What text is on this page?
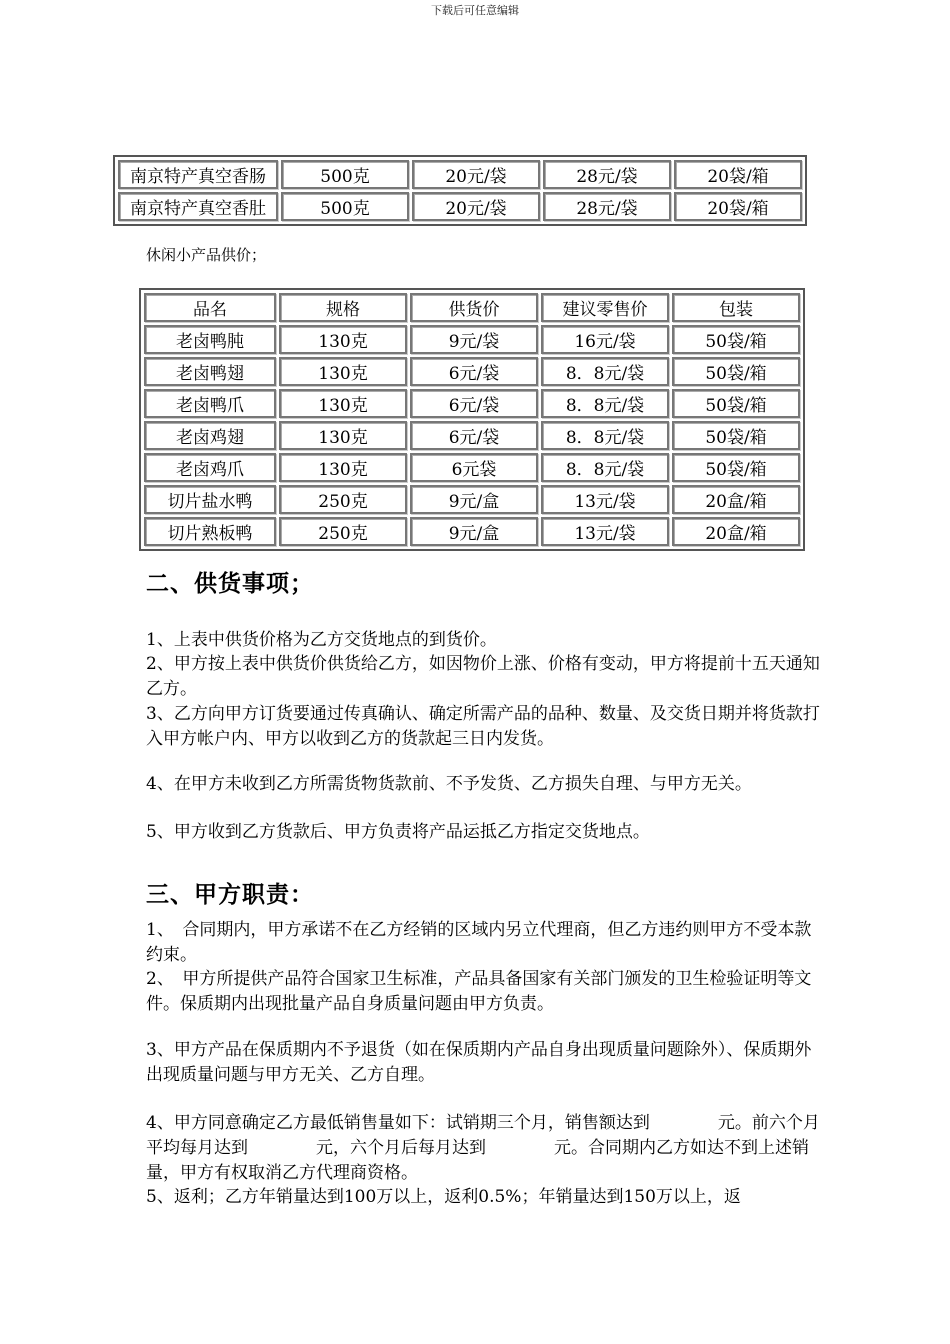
下载后可任意编辑
南京特产真空香肠	500克	20元/袋	28元/袋	20袋/箱
南京特产真空香肚	500克	20元/袋	28元/袋	20袋/箱
休闲小产品供价；
品名	规格	供货价	建议零售价	包装
老卤鸭肫	130克	9元/袋	16元/袋	50袋/箱
老卤鸭翅	130克	6元/袋	8．8元/袋	50袋/箱
老卤鸭爪	130克	6元/袋	8．8元/袋	50袋/箱
老卤鸡翅	130克	6元/袋	8．8元/袋	50袋/箱
老卤鸡爪	130克	6元袋	8．8元/袋	50袋/箱
切片盐水鸭	250克	9元/盒	13元/袋	20盒/箱
切片熟板鸭	250克	9元/盒	13元/袋	20盒/箱
二、供货事项；

1、上表中供货价格为乙方交货地点的到货价。

2、甲方按上表中供货价供货给乙方，如因物价上涨、价格有变动，甲方将提前十五天通知乙方。

3、乙方向甲方订货要通过传真确认、确定所需产品的品种、数量、及交货日期并将货款打入甲方帐户内、甲方以收到乙方的货款起三日内发货。

4、在甲方未收到乙方所需货物货款前、不予发货、乙方损失自理、与甲方无关。

5、甲方收到乙方货款后、甲方负责将产品运抵乙方指定交货地点。

三、甲方职责：

1、　合同期内，甲方承诺不在乙方经销的区域内另立代理商，但乙方违约则甲方不受本款约束。

2、　甲方所提供产品符合国家卫生标准，产品具备国家有关部门颁发的卫生检验证明等文件。保质期内出现批量产品自身质量问题由甲方负责。

3、甲方产品在保质期内不予退货（如在保质期内产品自身出现质量问题除外）、保质期外出现质量问题与甲方无关、乙方自理。

4、甲方同意确定乙方最低销售量如下：试销期三个月，销售额达到　　　　元。前六个月平均每月达到　　　　元，六个月后每月达到　　　　元。合同期内乙方如达不到上述销量，甲方有权取消乙方代理商资格。

5、返利；乙方年销量达到100万以上，返利0.5%；年销量达到150万以上，返
